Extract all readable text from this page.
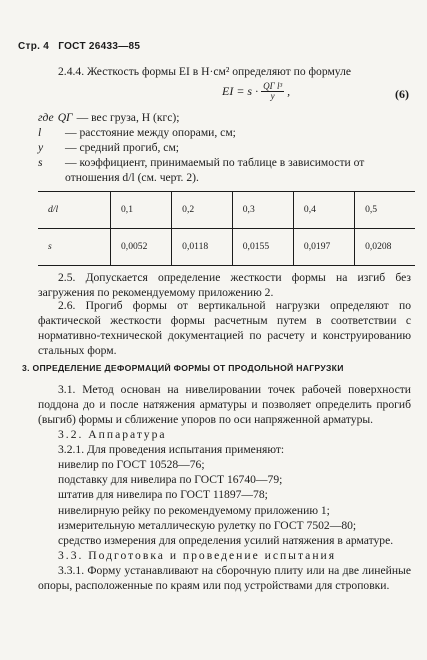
Стр. 4 ГОСТ 26433—85
2.4.4. Жесткость формы EI в Н·см² определяют по формуле
EI = $s \cdot \frac{\text{QГ l³}}{y}$ ,	(6)
где QГ — вес груза, Н (кгс);
l	— расстояние между опорами, см;
y	— средний прогиб, см;
s	— коэффициент, принимаемый по таблице в зависимости от
отношения d/l (см. черт. 2).
d/l	0,1	0,2	0,3	0,4	0,5
s	0,0052	0,0118	0,0155	0,0197	0,0208
2.5. Допускается определение жесткости формы на изгиб без загружения по рекомендуемому приложению 2.
2.6. Прогиб формы от вертикальной нагрузки определяют по фактической жесткости формы расчетным путем в соответствии с нормативно-технической документацией по расчету и конструированию стальных форм.
3. ОПРЕДЕЛЕНИЕ ДЕФОРМАЦИЙ ФОРМЫ ОТ ПРОДОЛЬНОЙ НАГРУЗКИ
3.1. Метод основан на нивелировании точек рабочей поверхности поддона до и после натяжения арматуры и позволяет определить прогиб (выгиб) формы и сближение упоров по оси напряженной арматуры.
3.2. Аппаратура
3.2.1. Для проведения испытания применяют:
нивелир по ГОСТ 10528—76;
подставку для нивелира по ГОСТ 16740—79;
штатив для нивелира по ГОСТ 11897—78;
нивелирную рейку по рекомендуемому приложению 1;
измерительную металлическую рулетку по ГОСТ 7502—80;
средство измерения для определения усилий натяжения в арматуре.
3.3. Подготовка и проведение испытания
3.3.1. Форму устанавливают на сборочную плиту или на две линейные опоры, расположенные по краям или под устройствами для строповки.
